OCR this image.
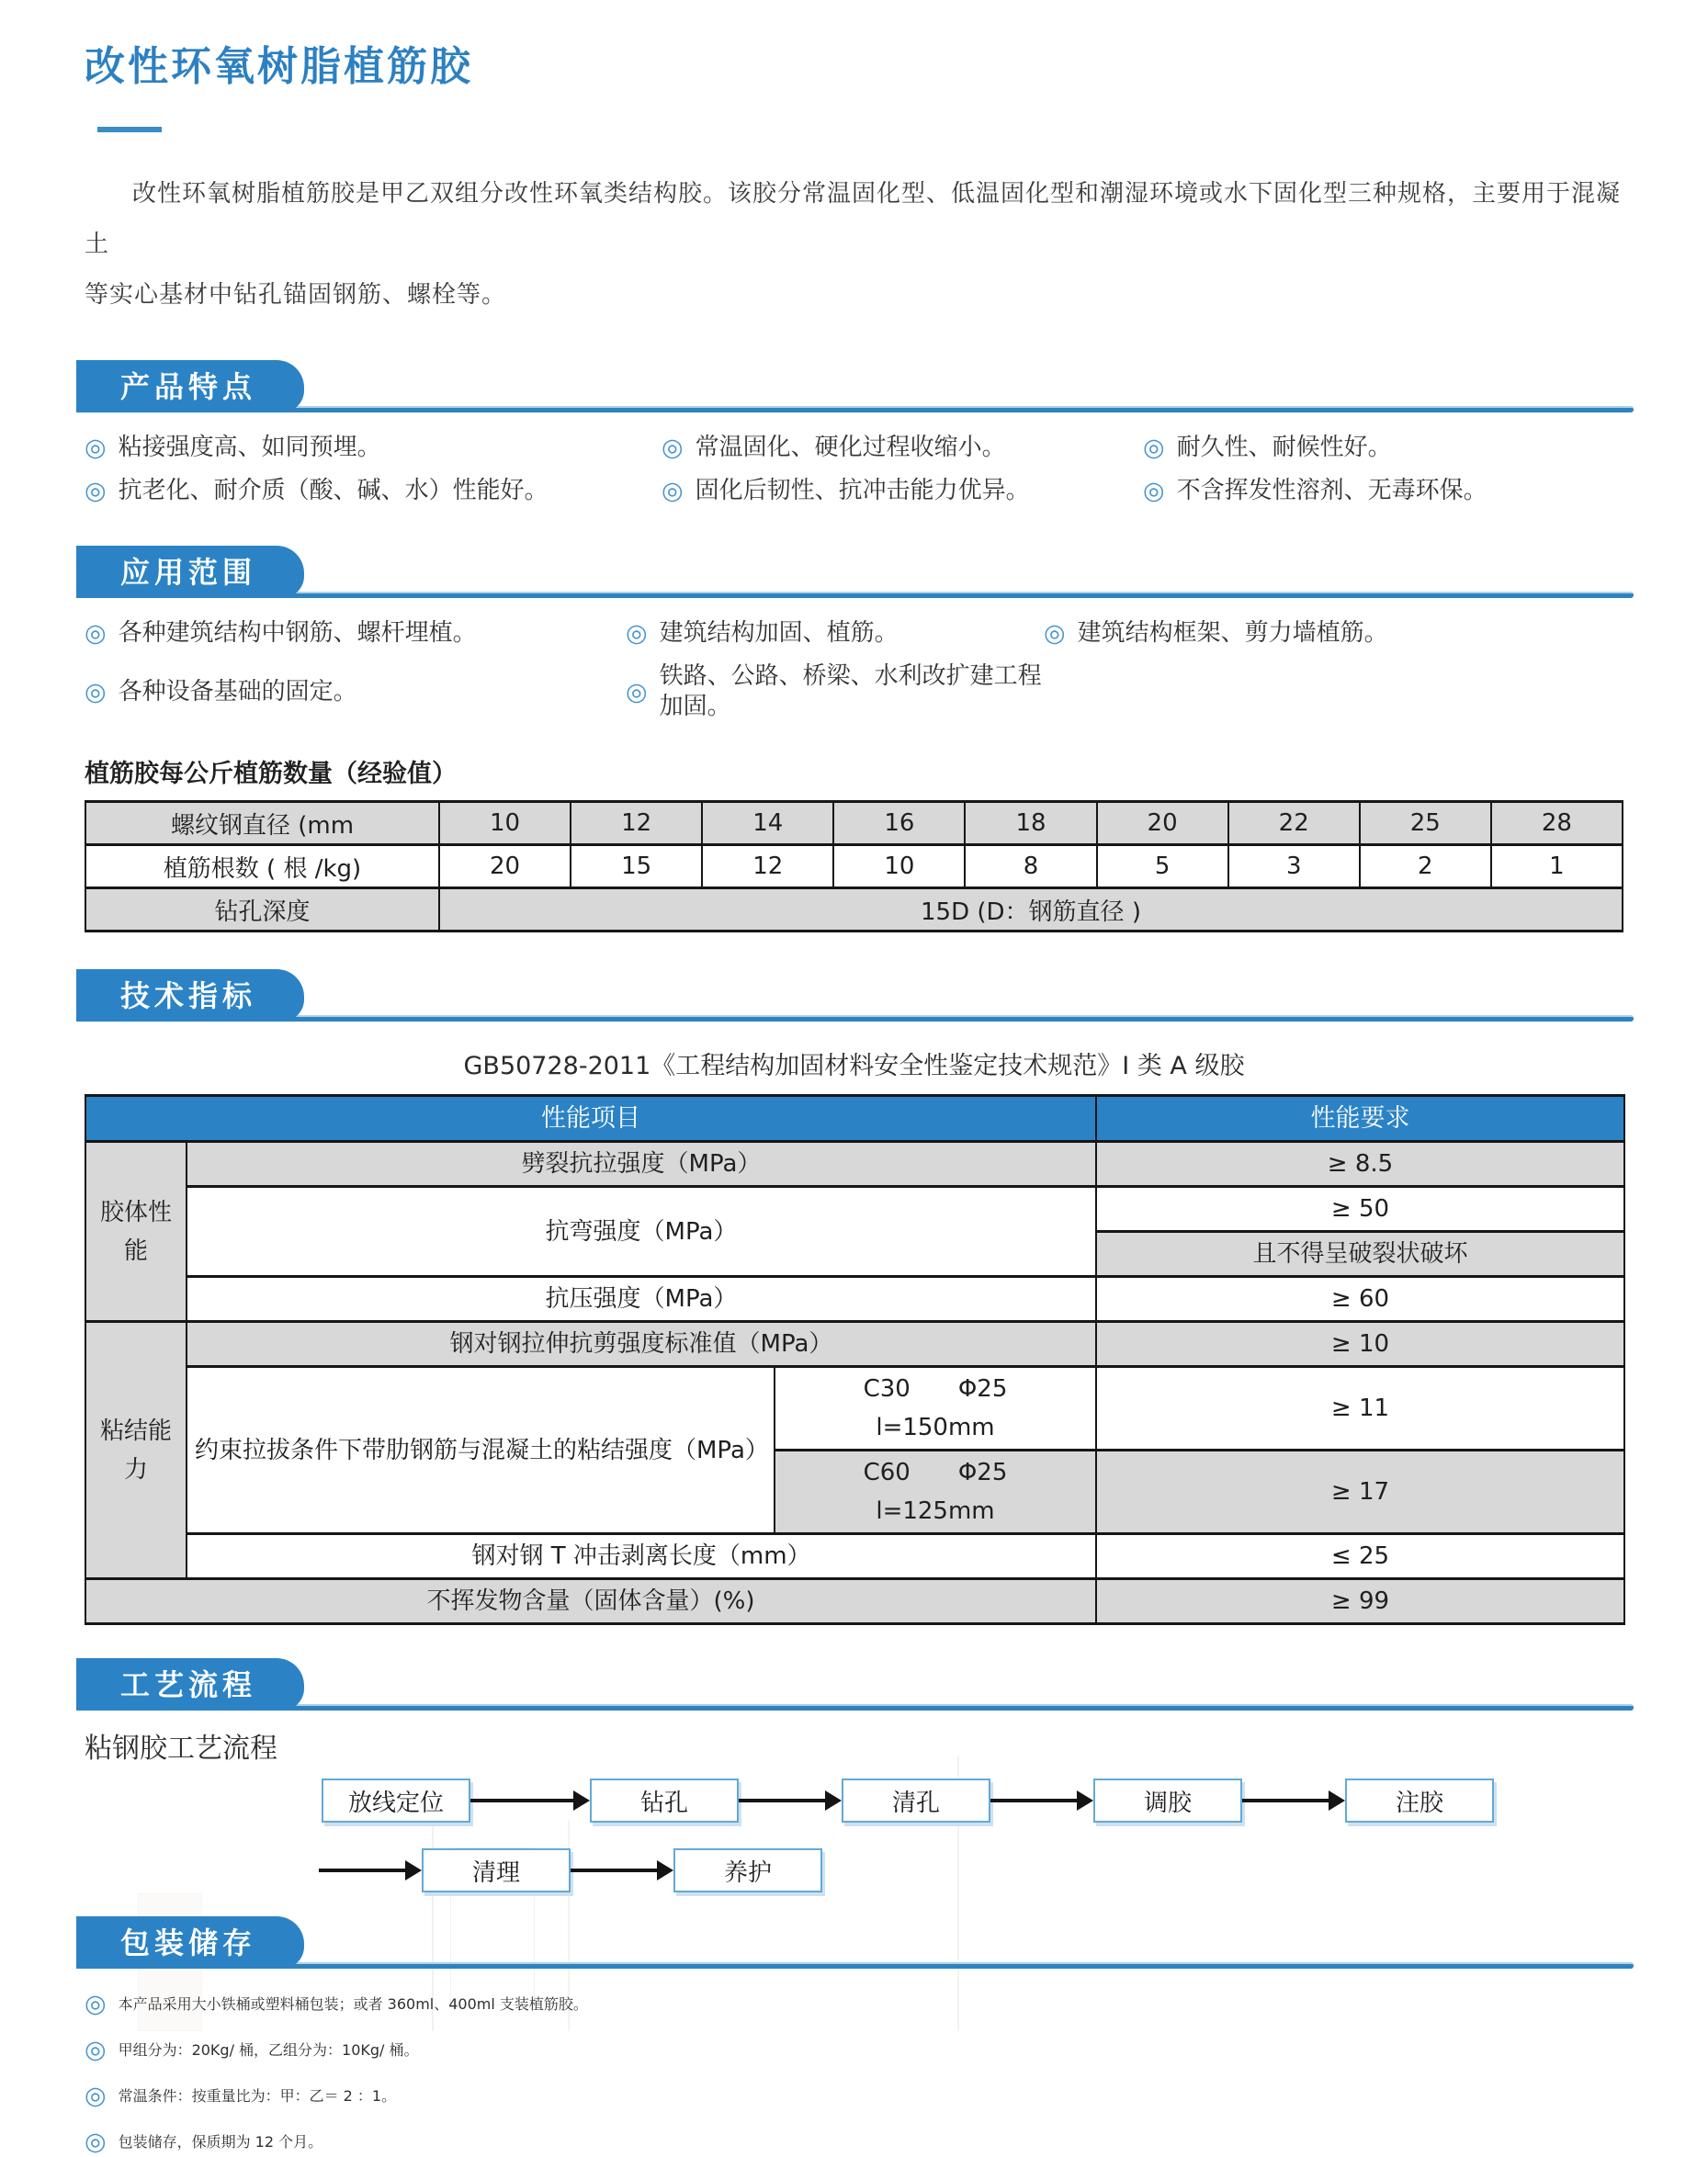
改性环氧树脂植筋胶
改性环氧树脂植筋胶是甲乙双组分改性环氧类结构胶。该胶分常温固化型、低温固化型和潮湿环境或水下固化型三种规格，主要用于混凝土
等实心基材中钻孔锚固钢筋、螺栓等。
产品特点
◎ 粘接强度高、如同预埋。	◎ 常温固化、硬化过程收缩小。	◎ 耐久性、耐候性好。
◎ 抗老化、耐介质（酸、碱、水）性能好。	◎ 固化后韧性、抗冲击能力优异。	◎ 不含挥发性溶剂、无毒环保。
应用范围
◎ 各种建筑结构中钢筋、螺杆埋植。	◎ 建筑结构加固、植筋。	◎ 建筑结构框架、剪力墙植筋。
◎ 各种设备基础的固定。	◎
铁路、公路、桥梁、水利改扩建工程加固。
植筋胶每公斤植筋数量（经验值）
螺纹钢直径 (mm	10	12	14	16	18	20	22	25	28
植筋根数 ( 根 /kg)	20	15	12	10	8	5	3	2	1
钻孔深度	15D (D：钢筋直径 )								
技术指标
GB50728-2011《工程结构加固材料安全性鉴定技术规范》I 类 A 级胶
性能项目			性能要求
胶体性能	劈裂抗拉强度（MPa）		≥ 8.5
	抗弯强度（MPa）		≥ 50
			且不得呈破裂状破坏
	抗压强度（MPa）		≥ 60
粘结能力	钢对钢拉伸抗剪强度标准值（MPa）		≥ 10
	约束拉拔条件下带肋钢筋与混凝土的粘结强度（MPa）	C30　　Φ25
l=150mm	≥ 11
		C60　　Φ25
l=125mm	≥ 17
	钢对钢 T 冲击剥离长度（mm）		≤ 25
不挥发物含量（固体含量）(%)			≥ 99
工艺流程
粘钢胶工艺流程
放线定位	钻孔	清孔	调胶	注胶
清理	养护
包装储存
◎ 本产品采用大小铁桶或塑料桶包装；或者 360ml、400ml 支装植筋胶。
◎ 甲组分为：20Kg/ 桶，乙组分为：10Kg/ 桶。
◎ 常温条件：按重量比为：甲：乙＝ 2 ：1。
◎ 包装储存，保质期为 12 个月。
